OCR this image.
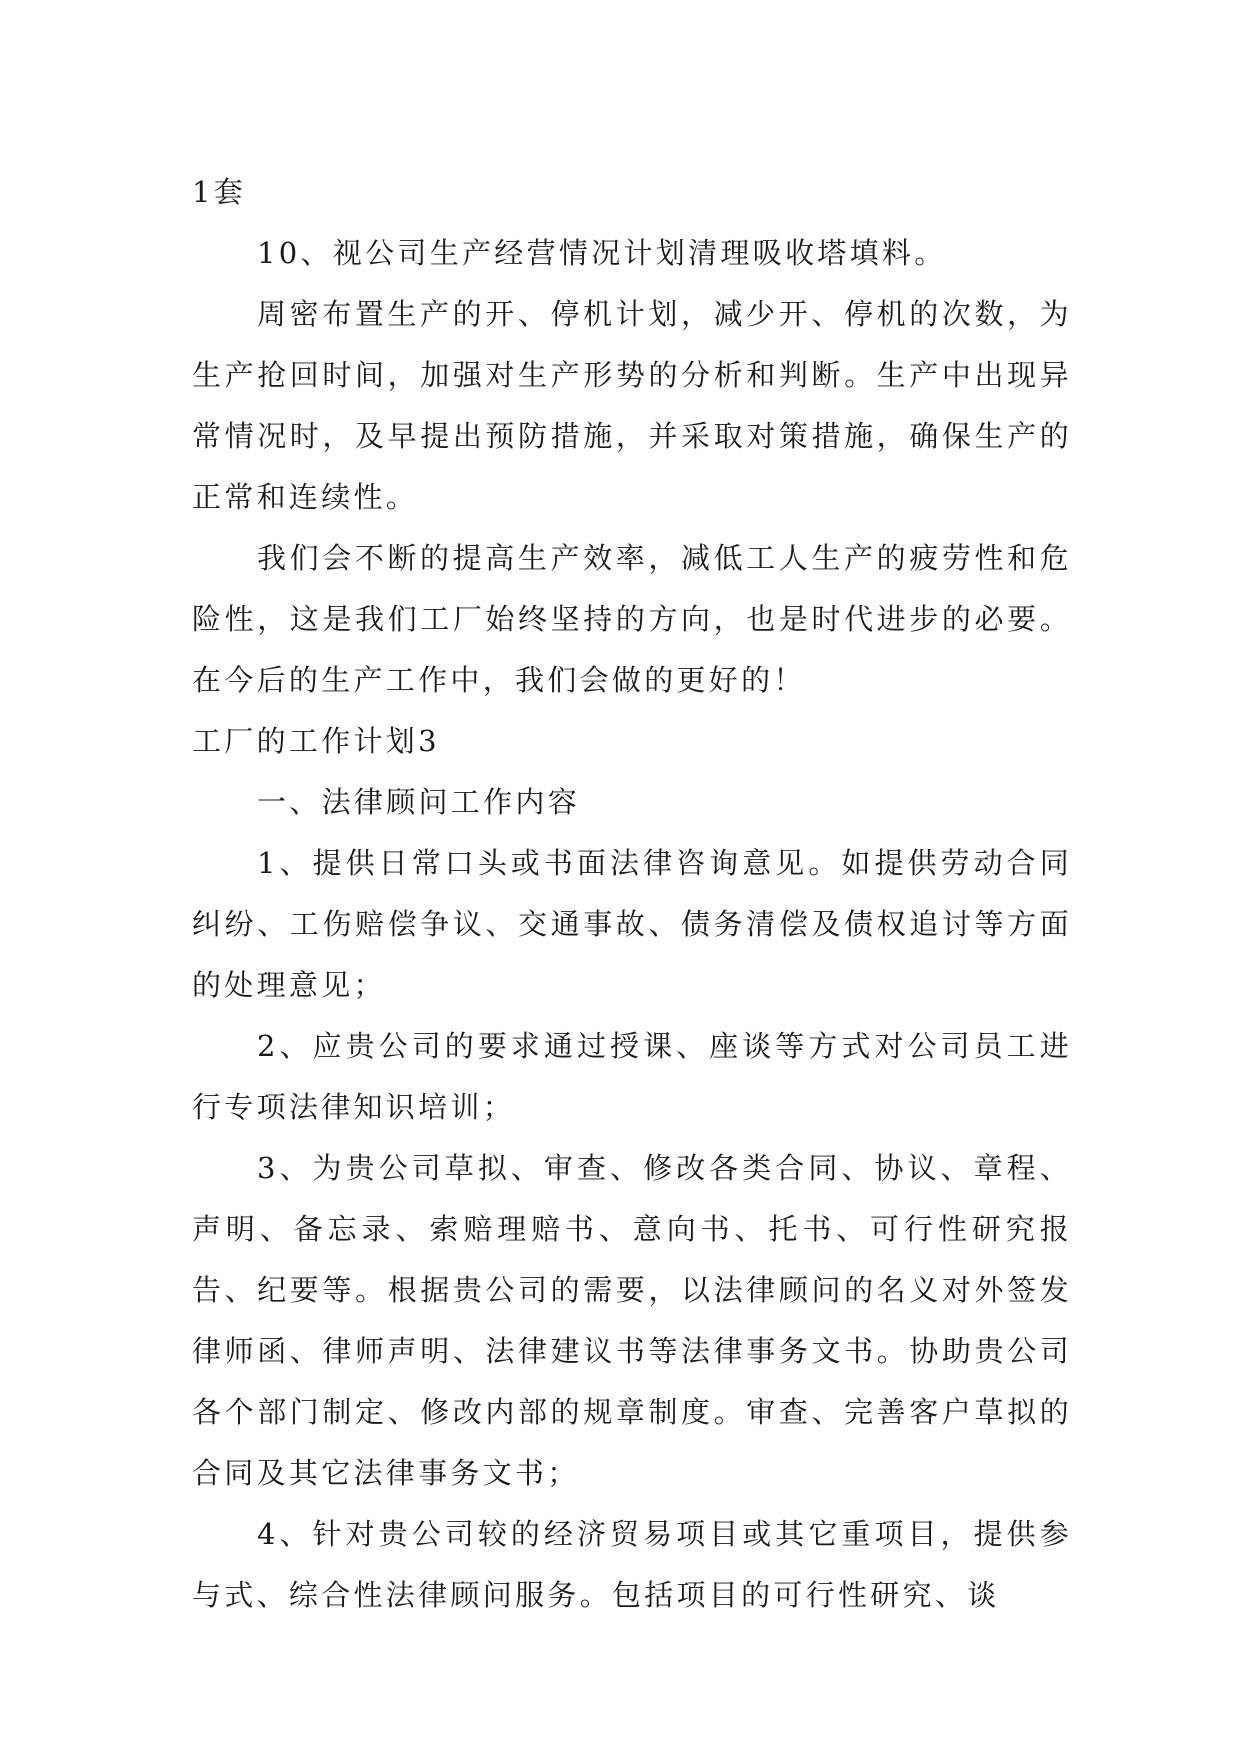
1套

10、视公司生产经营情况计划清理吸收塔填料。

周密布置生产的开、停机计划，减少开、停机的次数，为生产抢回时间，加强对生产形势的分析和判断。生产中出现异常情况时，及早提出预防措施，并采取对策措施，确保生产的正常和连续性。

我们会不断的提高生产效率，减低工人生产的疲劳性和危险性，这是我们工厂始终坚持的方向，也是时代进步的必要。在今后的生产工作中，我们会做的更好的！

工厂的工作计划3

一、法律顾问工作内容

1、提供日常口头或书面法律咨询意见。如提供劳动合同纠纷、工伤赔偿争议、交通事故、债务清偿及债权追讨等方面的处理意见；

2、应贵公司的要求通过授课、座谈等方式对公司员工进行专项法律知识培训；

3、为贵公司草拟、审查、修改各类合同、协议、章程、声明、备忘录、索赔理赔书、意向书、托书、可行性研究报告、纪要等。根据贵公司的需要，以法律顾问的名义对外签发律师函、律师声明、法律建议书等法律事务文书。协助贵公司各个部门制定、修改内部的规章制度。审查、完善客户草拟的合同及其它法律事务文书；

4、针对贵公司较的经济贸易项目或其它重项目，提供参与式、综合性法律顾问服务。包括项目的可行性研究、谈
